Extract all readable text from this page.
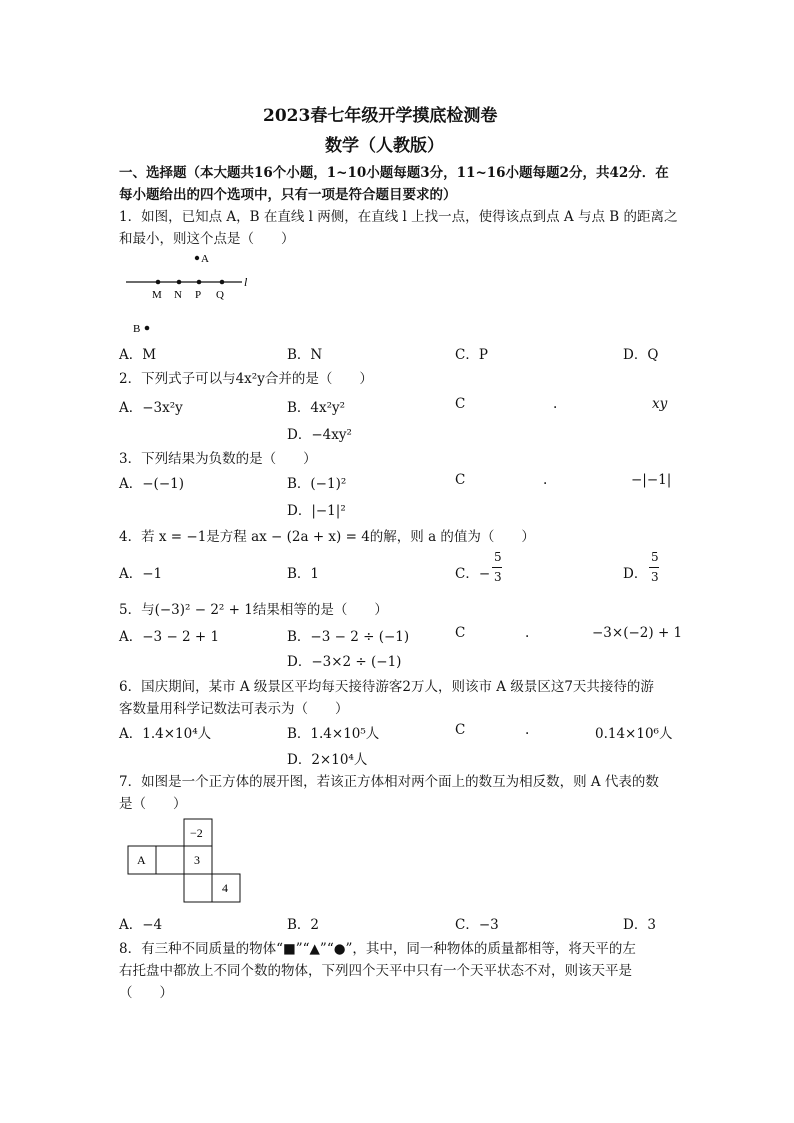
2023春七年级开学摸底检测卷
数学（人教版）
一、选择题（本大题共16个小题，1~10小题每题3分，11~16小题每题2分，共42分．在
每小题给出的四个选项中，只有一项是符合题目要求的）
1．如图，已知点 A，B 在直线 l 两侧，在直线 l 上找一点，使得该点到点 A 与点 B 的距离之
和最小，则这个点是（　　）
A
l
M N P Q
B
A．M	B．N	C．P	D．Q
2．下列式子可以与4x²y合并的是（　　）
A．−3x²y	B．4x²y²	C	.	xy
D．−4xy²
3．下列结果为负数的是（　　）
A．−(−1)	B．(−1)²	C	.	−|−1|
D．|−1|²
4．若 x = −1是方程 ax − (2a + x) = 4的解，则 a 的值为（　　）
A．−1	B．1	C．−
5
3	D．
5
3
5．与(−3)² − 2² + 1结果相等的是（　　）
A．−3 − 2 + 1	B．−3 − 2 ÷ (−1)	C	.	−3×(−2) + 1
D．−3×2 ÷ (−1)
6．国庆期间，某市 A 级景区平均每天接待游客2万人，则该市 A 级景区这7天共接待的游
客数量用科学记数法可表示为（　　）
A．1.4×10⁴人	B．1.4×10⁵人	C	.	0.14×10⁶人
D．2×10⁴人
7．如图是一个正方体的展开图，若该正方体相对两个面上的数互为相反数，则 A 代表的数
是（　　）
−2
A	3
4
A．−4	B．2	C．−3	D．3
8．有三种不同质量的物体“■”“▲”“●”，其中，同一种物体的质量都相等，将天平的左
右托盘中都放上不同个数的物体，下列四个天平中只有一个天平状态不对，则该天平是
（　　）
